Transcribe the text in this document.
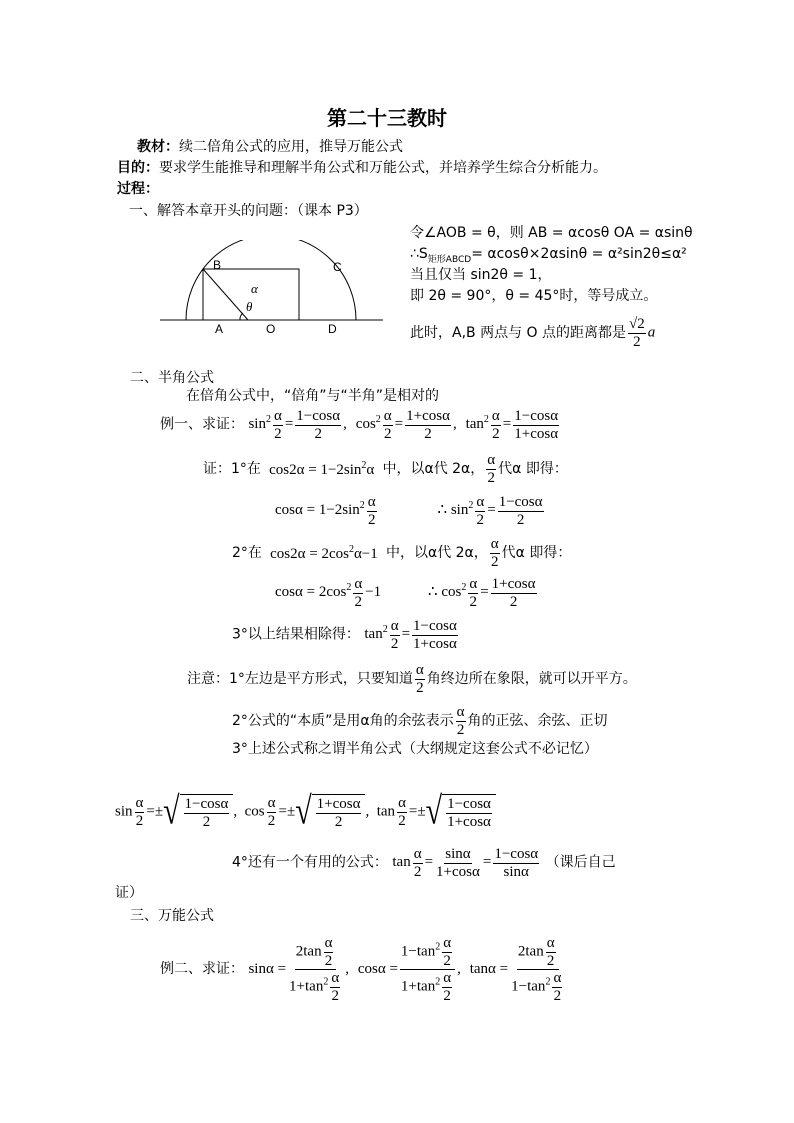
第二十三教时
教材：续二倍角公式的应用，推导万能公式
目的：要求学生能推导和理解半角公式和万能公式，并培养学生综合分析能力。
过程：
一、解答本章开头的问题：（课本 P3）
B	C
A	O	D
α
θ
令∠AOB = θ，则 AB = αcosθ OA = αsinθ
$\therefore S_{矩形ABCD}= \alpha\cos\theta\times 2\alpha\sin\theta = \alpha^2\sin 2\theta\le\alpha^2$
当且仅当 sin2θ = 1，
即 2θ = 90°，θ = 45°时，等号成立。
此时，A,B 两点与 O 点的距离都是 $\frac{√2}{2}$ a
二、半角公式
在倍角公式中，“倍角”与“半角”是相对的
例一、求证： $\sin^2 \frac{\alpha}{2} = \frac{1-\cos\alpha}{2}$ , $\cos^2 \frac{\alpha}{2} = \frac{1+\cos\alpha}{2}$ , $\tan^2 \frac{\alpha}{2} = \frac{1-\cos\alpha}{1+\cos\alpha}$
证：1°在  $\cos 2\alpha = 1-2\sin^2\alpha$  中，以α代 2α， $\frac{\alpha}{2}$ 代α 即得：
$\cos\alpha = 1-2\sin^2 \frac{\alpha}{2}$	∴ $\sin^2 \frac{\alpha}{2} = \frac{1-\cos\alpha}{2}$
2°在  $\cos 2\alpha = 2\cos^2\alpha-1$  中，以α代 2α， $\frac{\alpha}{2}$ 代α 即得：
$\cos\alpha = 2\cos^2 \frac{\alpha}{2} -1$	∴ $\cos^2 \frac{\alpha}{2} = \frac{1+\cos\alpha}{2}$
3°以上结果相除得： $\tan^2 \frac{\alpha}{2} = \frac{1-\cos\alpha}{1+\cos\alpha}$
注意：1°左边是平方形式，只要知道 $\frac{\alpha}{2}$ 角终边所在象限，就可以开平方。
2°公式的“本质”是用α角的余弦表示 $\frac{\alpha}{2}$ 角的正弦、余弦、正切
3°上述公式称之谓半角公式（大纲规定这套公式不必记忆）
$\sin \frac{\alpha}{2}$ =± √ $\frac{1-\cos\alpha}{2}$ ,  $\cos \frac{\alpha}{2}$ =± √ $\frac{1+\cos\alpha}{2}$ ,  $\tan \frac{\alpha}{2}$ =± √ $\frac{1-\cos\alpha}{1+\cos\alpha}$
4°还有一个有用的公式： $\tan \frac{\alpha}{2} = \frac{\sin\alpha}{1+\cos\alpha} = \frac{1-\cos\alpha}{\sin\alpha}$ （课后自己
证）
三、万能公式
例二、求证： $\sin\alpha = \frac{2\tan \frac{\alpha}{2}}{1+\tan^2 \frac{\alpha}{2}}$ , $\cos\alpha = \frac{1-\tan^2 \frac{\alpha}{2}}{1+\tan^2 \frac{\alpha}{2}}$ , $\tan\alpha = \frac{2\tan \frac{\alpha}{2}}{1-\tan^2 \frac{\alpha}{2}}$
